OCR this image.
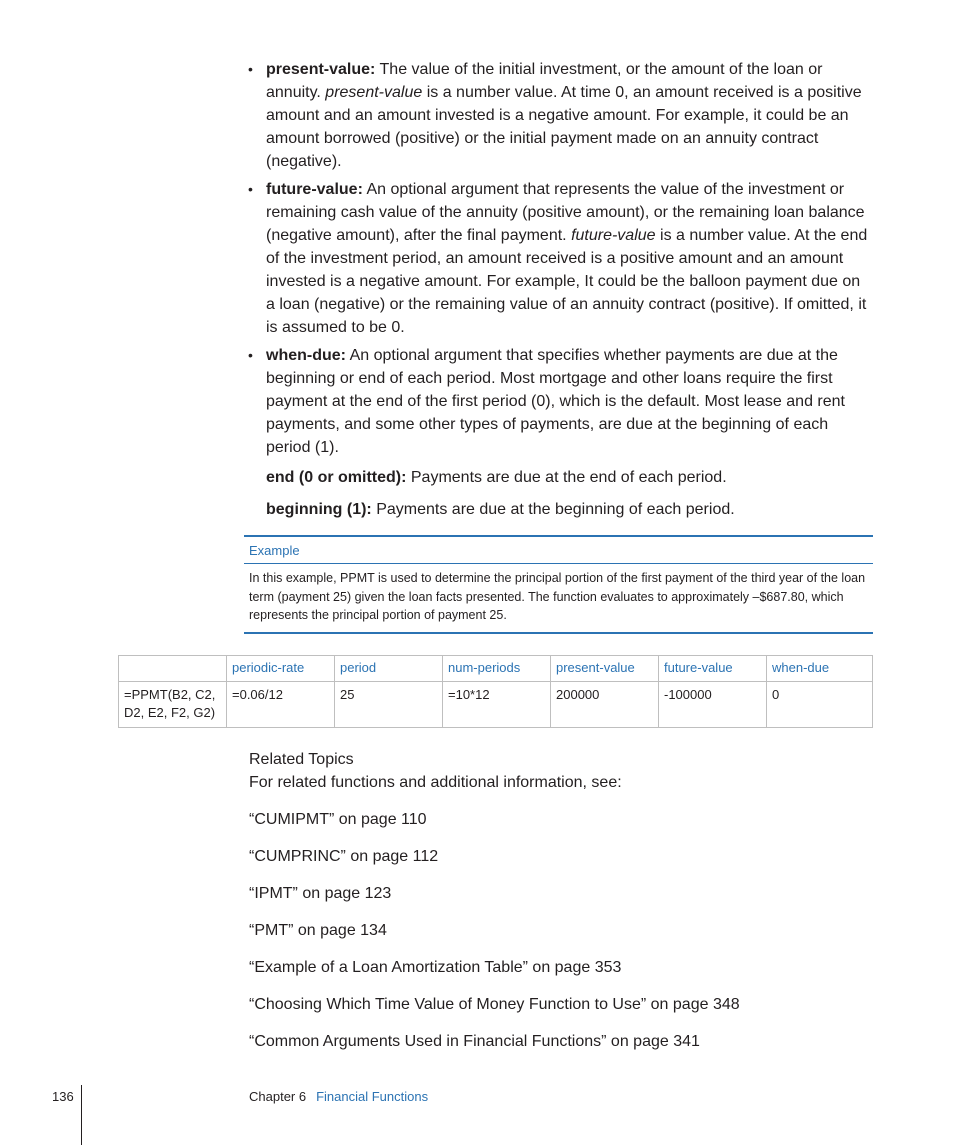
• present-value: The value of the initial investment, or the amount of the loan or annuity. present-value is a number value. At time 0, an amount received is a positive amount and an amount invested is a negative amount. For example, it could be an amount borrowed (positive) or the initial payment made on an annuity contract (negative).
• future-value: An optional argument that represents the value of the investment or remaining cash value of the annuity (positive amount), or the remaining loan balance (negative amount), after the final payment. future-value is a number value. At the end of the investment period, an amount received is a positive amount and an amount invested is a negative amount. For example, It could be the balloon payment due on a loan (negative) or the remaining value of an annuity contract (positive). If omitted, it is assumed to be 0.
• when-due: An optional argument that specifies whether payments are due at the beginning or end of each period. Most mortgage and other loans require the first payment at the end of the first period (0), which is the default. Most lease and rent payments, and some other types of payments, are due at the beginning of each period (1).
end (0 or omitted): Payments are due at the end of each period.
beginning (1): Payments are due at the beginning of each period.
Example
In this example, PPMT is used to determine the principal portion of the first payment of the third year of the loan term (payment 25) given the loan facts presented. The function evaluates to approximately –$687.80, which represents the principal portion of payment 25.
	periodic-rate	period	num-periods	present-value	future-value	when-due
=PPMT(B2, C2, D2, E2, F2, G2)	=0.06/12	25	=10*12	200000	-100000	0
Related Topics
For related functions and additional information, see:
“CUMIPMT” on page 110
“CUMPRINC” on page 112
“IPMT” on page 123
“PMT” on page 134
“Example of a Loan Amortization Table” on page 353
“Choosing Which Time Value of Money Function to Use” on page 348
“Common Arguments Used in Financial Functions” on page 341
136	Chapter 6 Financial Functions
